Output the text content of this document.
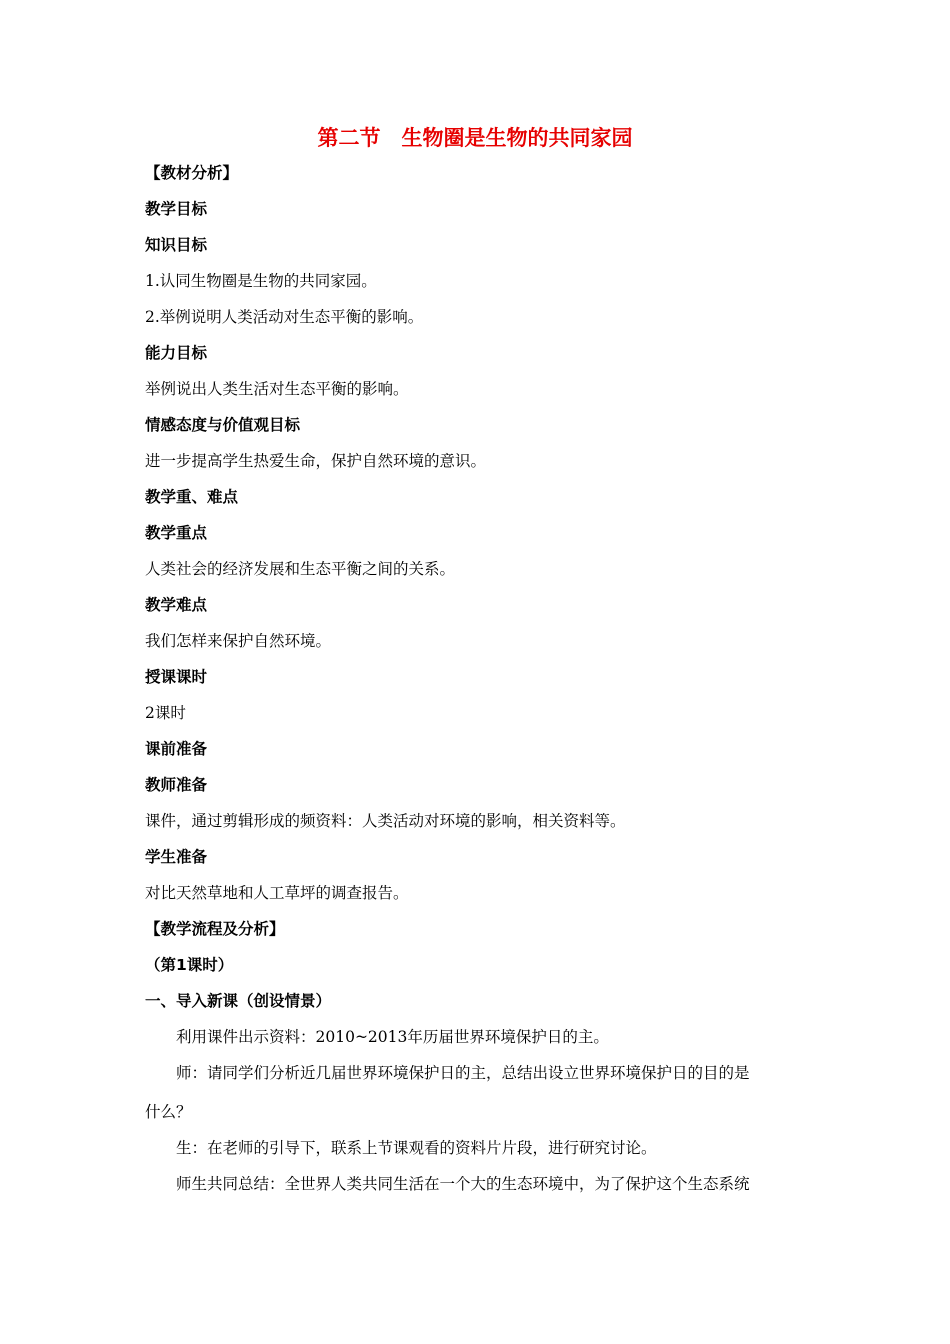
第二节　生物圈是生物的共同家园
【教材分析】
教学目标
知识目标
1.认同生物圈是生物的共同家园。
2.举例说明人类活动对生态平衡的影响。
能力目标
举例说出人类生活对生态平衡的影响。
情感态度与价值观目标
进一步提高学生热爱生命，保护自然环境的意识。
教学重、难点
教学重点
人类社会的经济发展和生态平衡之间的关系。
教学难点
我们怎样来保护自然环境。
授课课时
2课时
课前准备
教师准备
课件，通过剪辑形成的频资料：人类活动对环境的影响，相关资料等。
学生准备
对比天然草地和人工草坪的调查报告。
【教学流程及分析】
（第1课时）
一、导入新课（创设情景）
利用课件出示资料：2010~2013年历届世界环境保护日的主。
师：请同学们分析近几届世界环境保护日的主，总结出设立世界环境保护日的目的是
什么？
生：在老师的引导下，联系上节课观看的资料片片段，进行研究讨论。
师生共同总结：全世界人类共同生活在一个大的生态环境中，为了保护这个生态系统
